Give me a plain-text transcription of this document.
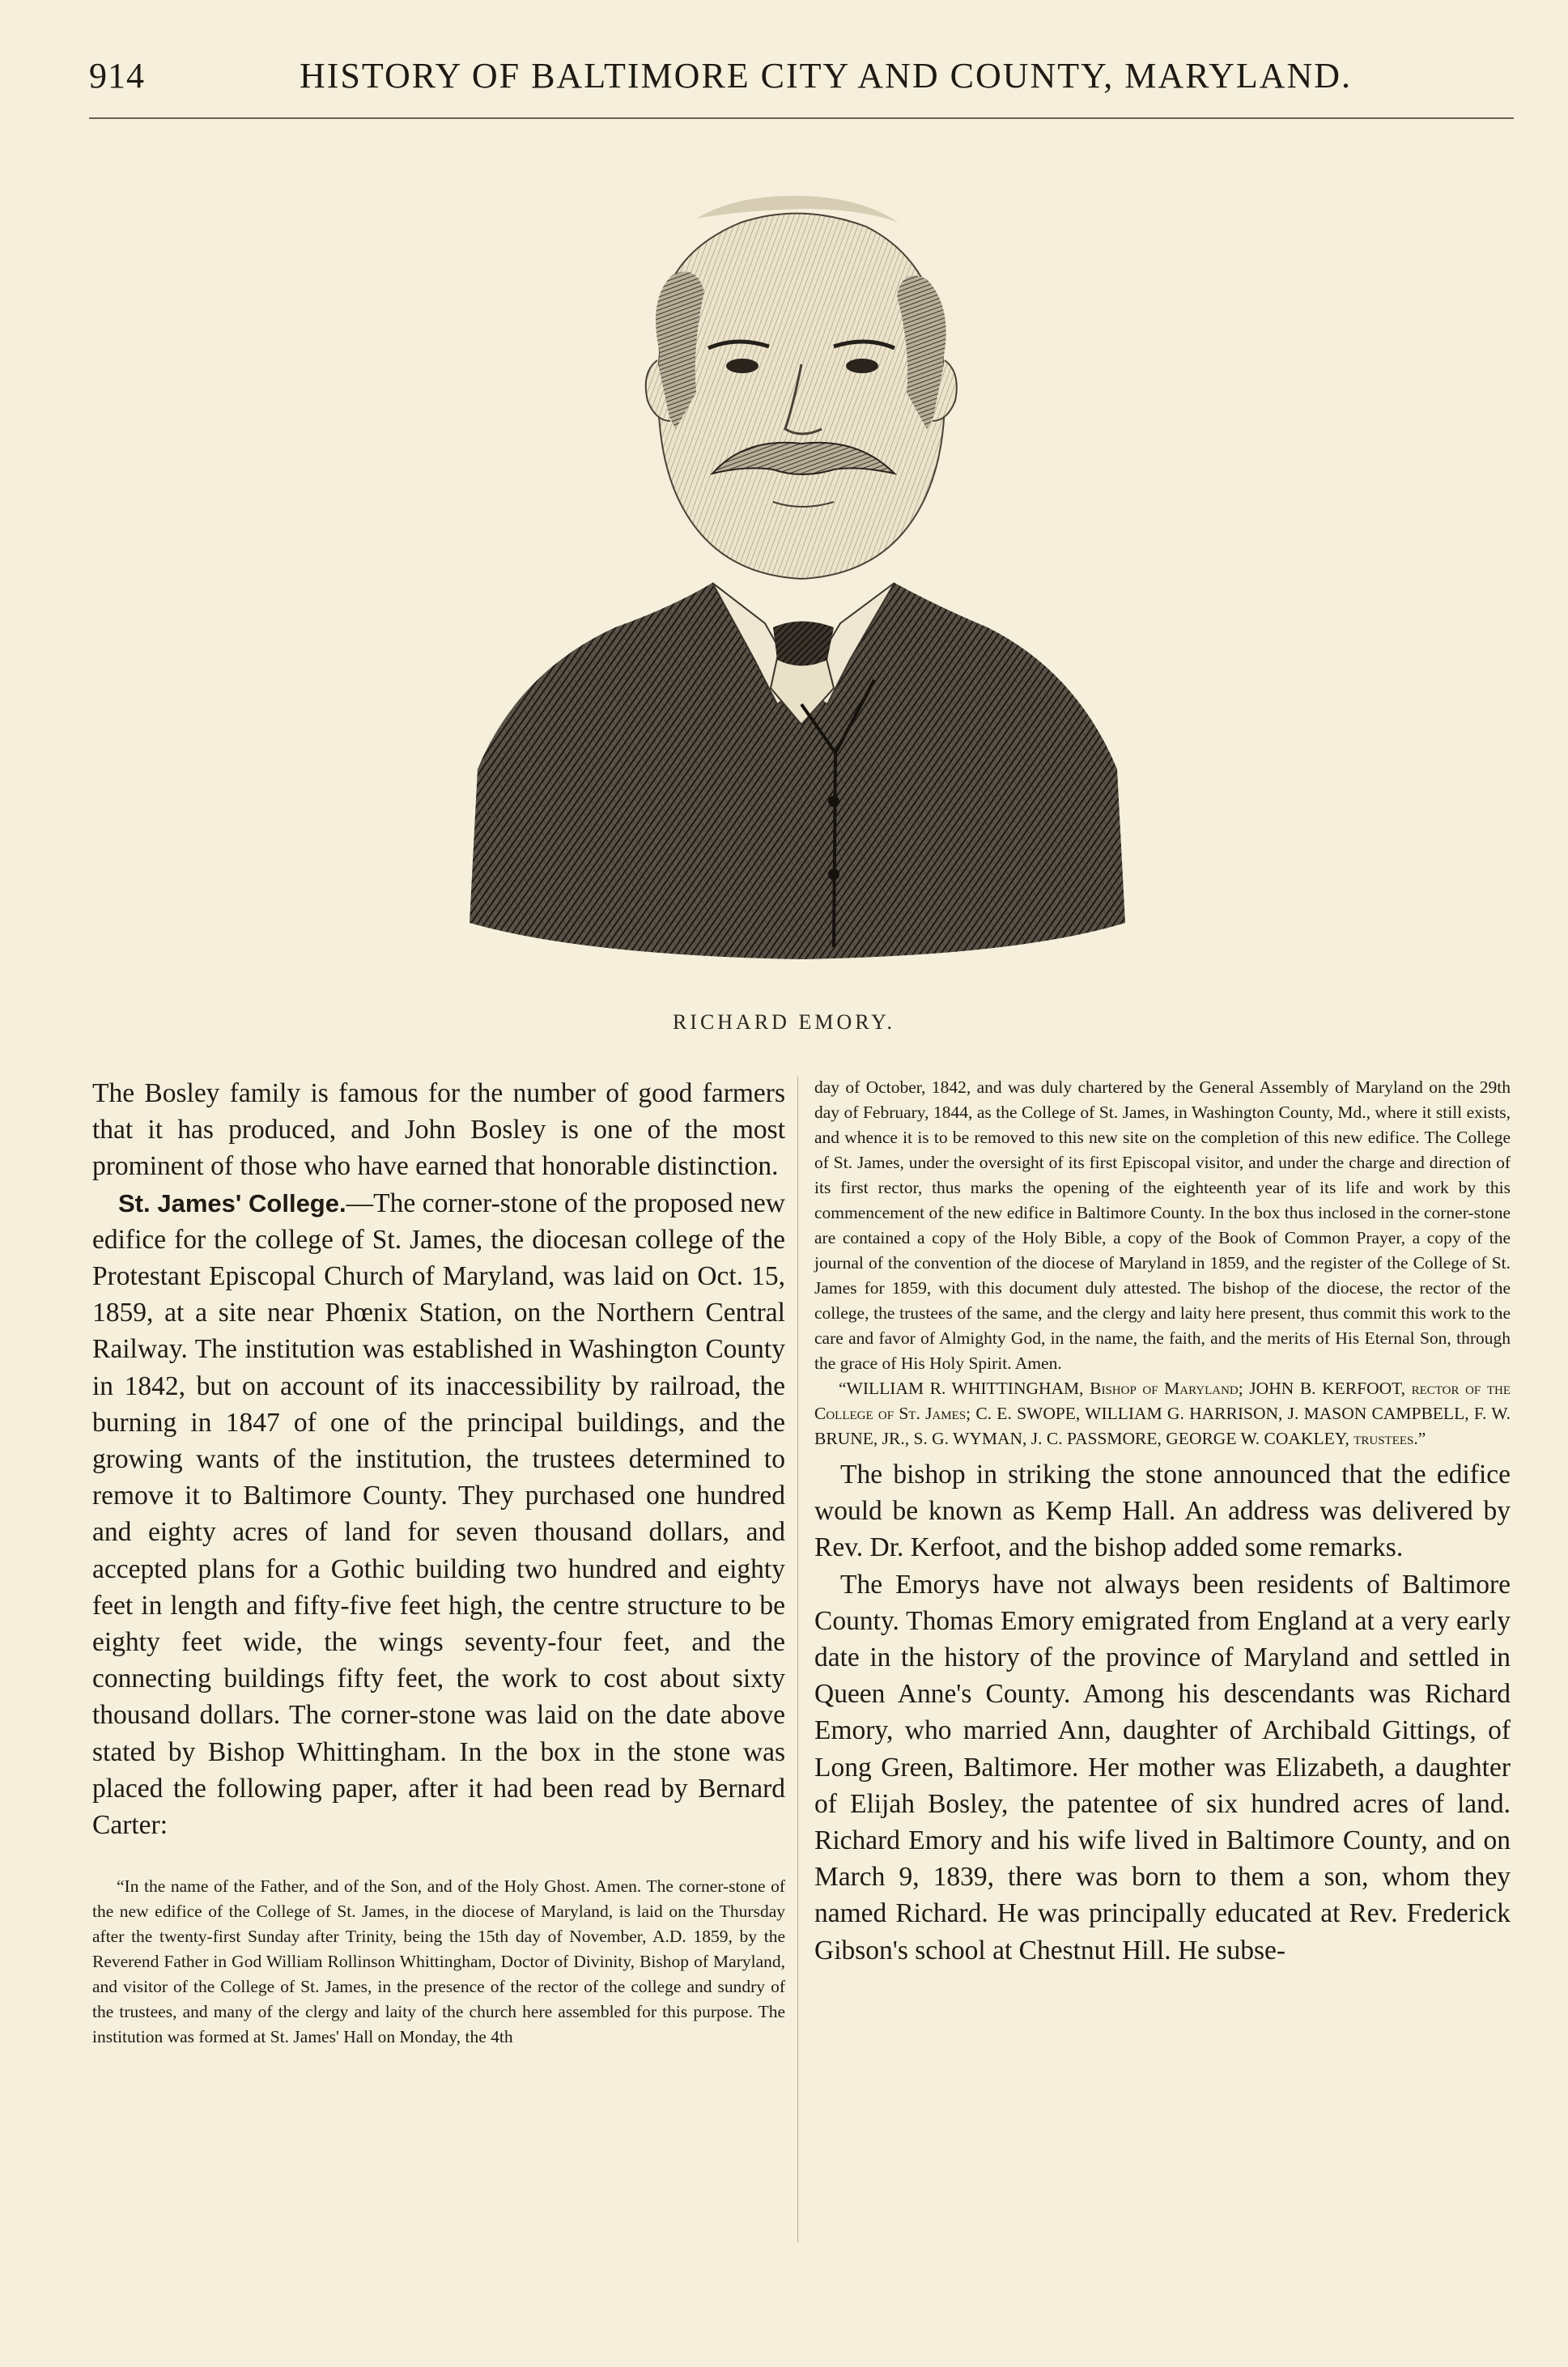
914	HISTORY OF BALTIMORE CITY AND COUNTY, MARYLAND.
RICHARD EMORY.

The Bosley family is famous for the number of good farmers that it has produced, and John Bosley is one of the most prominent of those who have earned that honorable distinction.

St. James' College.—The corner-stone of the proposed new edifice for the college of St. James, the diocesan college of the Protestant Episcopal Church of Maryland, was laid on Oct. 15, 1859, at a site near Phœnix Station, on the Northern Central Railway. The institution was established in Washington County in 1842, but on account of its inaccessibility by railroad, the burning in 1847 of one of the principal buildings, and the growing wants of the institution, the trustees determined to remove it to Baltimore County. They purchased one hundred and eighty acres of land for seven thousand dollars, and accepted plans for a Gothic building two hundred and eighty feet in length and fifty-five feet high, the centre structure to be eighty feet wide, the wings seventy-four feet, and the connecting buildings fifty feet, the work to cost about sixty thousand dollars. The corner-stone was laid on the date above stated by Bishop Whittingham. In the box in the stone was placed the following paper, after it had been read by Bernard Carter:

“In the name of the Father, and of the Son, and of the Holy Ghost. Amen. The corner-stone of the new edifice of the College of St. James, in the diocese of Maryland, is laid on the Thursday after the twenty-first Sunday after Trinity, being the 15th day of November, A.D. 1859, by the Reverend Father in God William Rollinson Whittingham, Doctor of Divinity, Bishop of Maryland, and visitor of the College of St. James, in the presence of the rector of the college and sundry of the trustees, and many of the clergy and laity of the church here assembled for this purpose. The institution was formed at St. James' Hall on Monday, the 4th

day of October, 1842, and was duly chartered by the General Assembly of Maryland on the 29th day of February, 1844, as the College of St. James, in Washington County, Md., where it still exists, and whence it is to be removed to this new site on the completion of this new edifice. The College of St. James, under the oversight of its first Episcopal visitor, and under the charge and direction of its first rector, thus marks the opening of the eighteenth year of its life and work by this commencement of the new edifice in Baltimore County. In the box thus inclosed in the corner-stone are contained a copy of the Holy Bible, a copy of the Book of Common Prayer, a copy of the journal of the convention of the diocese of Maryland in 1859, and the register of the College of St. James for 1859, with this document duly attested. The bishop of the diocese, the rector of the college, the trustees of the same, and the clergy and laity here present, thus commit this work to the care and favor of Almighty God, in the name, the faith, and the merits of His Eternal Son, through the grace of His Holy Spirit. Amen.

“WILLIAM R. WHITTINGHAM, Bishop of Maryland; JOHN B. KERFOOT, rector of the College of St. James; C. E. SWOPE, WILLIAM G. HARRISON, J. MASON CAMPBELL, F. W. BRUNE, JR., S. G. WYMAN, J. C. PASSMORE, GEORGE W. COAKLEY, trustees.”

The bishop in striking the stone announced that the edifice would be known as Kemp Hall. An address was delivered by Rev. Dr. Kerfoot, and the bishop added some remarks.

The Emorys have not always been residents of Baltimore County. Thomas Emory emigrated from England at a very early date in the history of the province of Maryland and settled in Queen Anne's County. Among his descendants was Richard Emory, who married Ann, daughter of Archibald Gittings, of Long Green, Baltimore. Her mother was Elizabeth, a daughter of Elijah Bosley, the patentee of six hundred acres of land. Richard Emory and his wife lived in Baltimore County, and on March 9, 1839, there was born to them a son, whom they named Richard. He was principally educated at Rev. Frederick Gibson's school at Chestnut Hill. He subse-
